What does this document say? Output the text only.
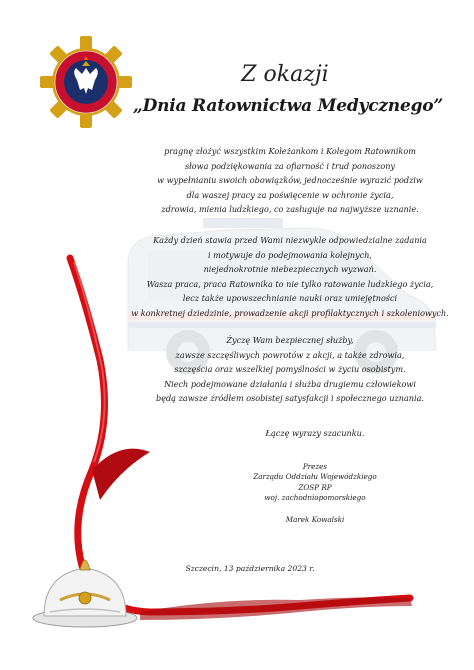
Z okazji
„Dnia Ratownictwa Medycznego”
pragnę złożyć wszystkim Koleżankom i Kolegom Ratownikom
słowa podziękowania za ofiarność i trud ponoszony
w wypełnianiu swoich obowiązków, jednocześnie wyrazić podziw
dla waszej pracy za poświęcenie w ochronie życia,
zdrowia, mienia ludzkiego, co zasługuje na najwyższe uznanie.
Każdy dzień stawia przed Wami niezwykle odpowiedzialne zadania
i motywuje do podejmowania kolejnych,
niejednokrotnie niebezpiecznych wyzwań.
Wasza praca, praca Ratownika to nie tylko ratowanie ludzkiego życia,
lecz także upowszechnianie nauki oraz umiejętności
w konkretnej dziedzinie, prowadzenie akcji profilaktycznych i szkoleniowych.
Życzę Wam bezpiecznej służby,
zawsze szczęśliwych powrotów z akcji, a także zdrowia,
szczęścia oraz wszelkiej pomyślności w życiu osobistym.
Niech podejmowane działania i służba drugiemu człowiekowi
będą zawsze źródłem osobistej satysfakcji i społecznego uznania.
Łączę wyrazy szacunku.
Prezes
Zarządu Oddziału Wojewódzkiego
ZOSP RP
woj. zachodniopomorskiego
Marek Kowalski
Szczecin, 13 października 2023 r.
